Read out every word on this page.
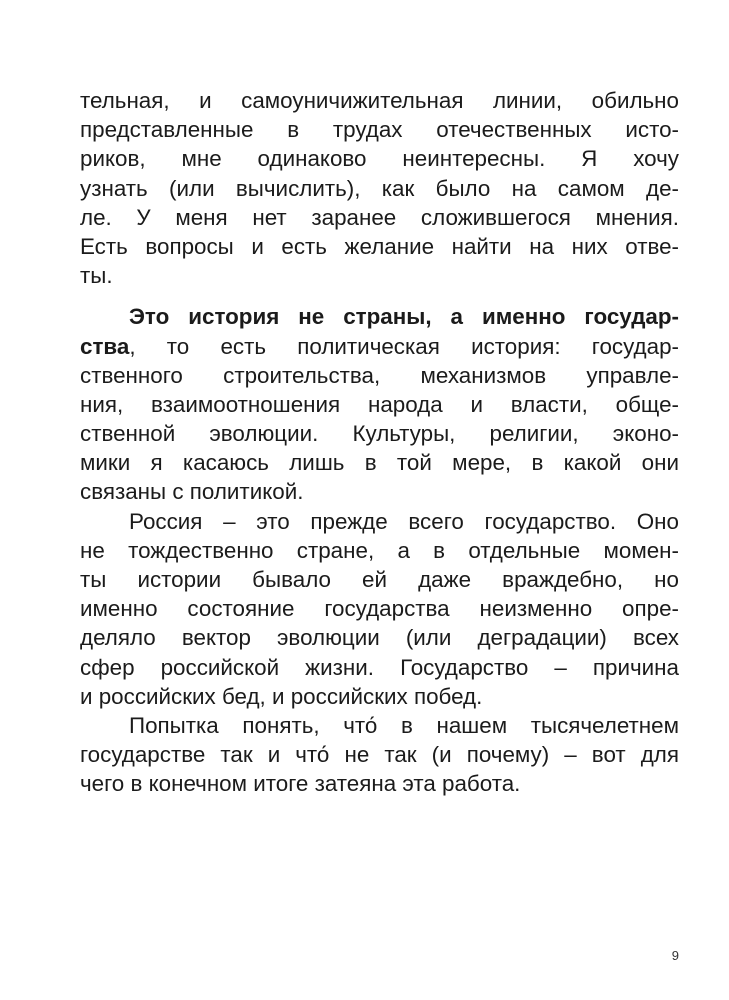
тельная, и самоуничижительная линии, обильно
представленные в трудах отечественных исто-
риков, мне одинаково неинтересны. Я хочу
узнать (или вычислить), как было на самом де-
ле. У меня нет заранее сложившегося мнения.
Есть вопросы и есть желание найти на них отве-
ты.
Это история не страны, а именно государ-
ства, то есть политическая история: государ-
ственного строительства, механизмов управле-
ния, взаимоотношения народа и власти, обще-
ственной эволюции. Культуры, религии, эконо-
мики я касаюсь лишь в той мере, в какой они
связаны с политикой.
Россия – это прежде всего государство. Оно
не тождественно стране, а в отдельные момен-
ты истории бывало ей даже враждебно, но
именно состояние государства неизменно опре-
деляло вектор эволюции (или деградации) всех
сфер российской жизни. Государство – причина
и российских бед, и российских побед.
Попытка понять, что́ в нашем тысячелетнем
государстве так и что́ не так (и почему) – вот для
чего в конечном итоге затеяна эта работа.
9
